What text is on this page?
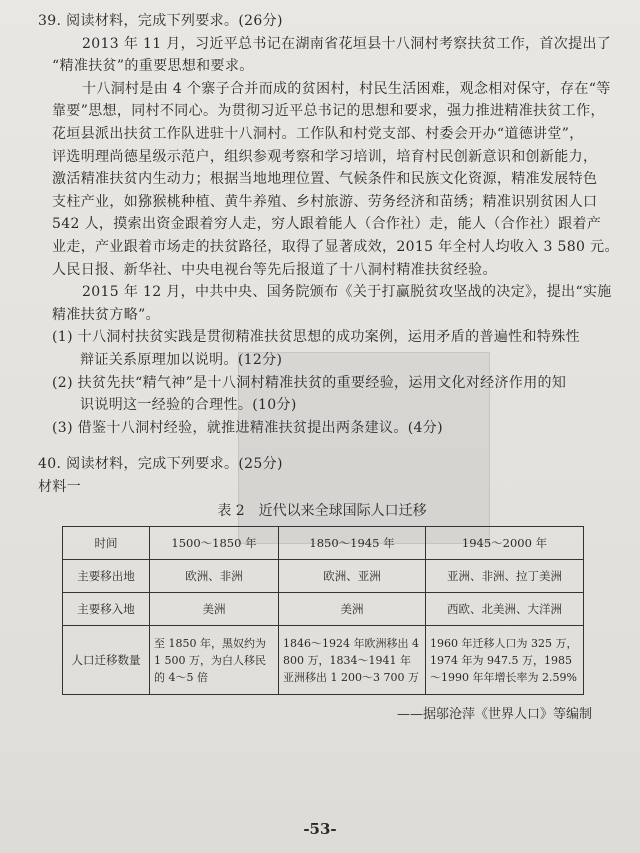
39. 阅读材料，完成下列要求。(26分)
2013 年 11 月，习近平总书记在湖南省花垣县十八洞村考察扶贫工作，首次提出了
“精准扶贫”的重要思想和要求。
十八洞村是由 4 个寨子合并而成的贫困村，村民生活困难，观念相对保守，存在“等
靠要”思想，同村不同心。为贯彻习近平总书记的思想和要求，强力推进精准扶贫工作，
花垣县派出扶贫工作队进驻十八洞村。工作队和村党支部、村委会开办“道德讲堂”，
评选明理尚德星级示范户，组织参观考察和学习培训，培育村民创新意识和创新能力，
激活精准扶贫内生动力；根据当地地理位置、气候条件和民族文化资源，精准发展特色
支柱产业，如猕猴桃种植、黄牛养殖、乡村旅游、劳务经济和苗绣；精准识别贫困人口
542 人，摸索出资金跟着穷人走，穷人跟着能人（合作社）走，能人（合作社）跟着产
业走，产业跟着市场走的扶贫路径，取得了显著成效，2015 年全村人均收入 3 580 元。
人民日报、新华社、中央电视台等先后报道了十八洞村精准扶贫经验。
2015 年 12 月，中共中央、国务院颁布《关于打赢脱贫攻坚战的决定》，提出“实施
精准扶贫方略”。
(1) 十八洞村扶贫实践是贯彻精准扶贫思想的成功案例，运用矛盾的普遍性和特殊性
辩证关系原理加以说明。(12分)
(2) 扶贫先扶“精气神”是十八洞村精准扶贫的重要经验，运用文化对经济作用的知
识说明这一经验的合理性。(10分)
(3) 借鉴十八洞村经验，就推进精准扶贫提出两条建议。(4分)
40. 阅读材料，完成下列要求。(25分)
材料一
表 2　近代以来全球国际人口迁移
时间	1500～1850 年	1850～1945 年	1945～2000 年
主要移出地	欧洲、非洲	欧洲、亚洲	亚洲、非洲、拉丁美洲
主要移入地	美洲	美洲	西欧、北美洲、大洋洲
人口迁移数量	至 1850 年，黑奴约为 1 500 万，为白人移民的 4～5 倍	1846～1924 年欧洲移出 4 800 万，1834～1941 年亚洲移出 1 200～3 700 万	1960 年迁移人口为 325 万，1974 年为 947.5 万，1985～1990 年年增长率为 2.59%
——据邬沧萍《世界人口》等编制
-53-
